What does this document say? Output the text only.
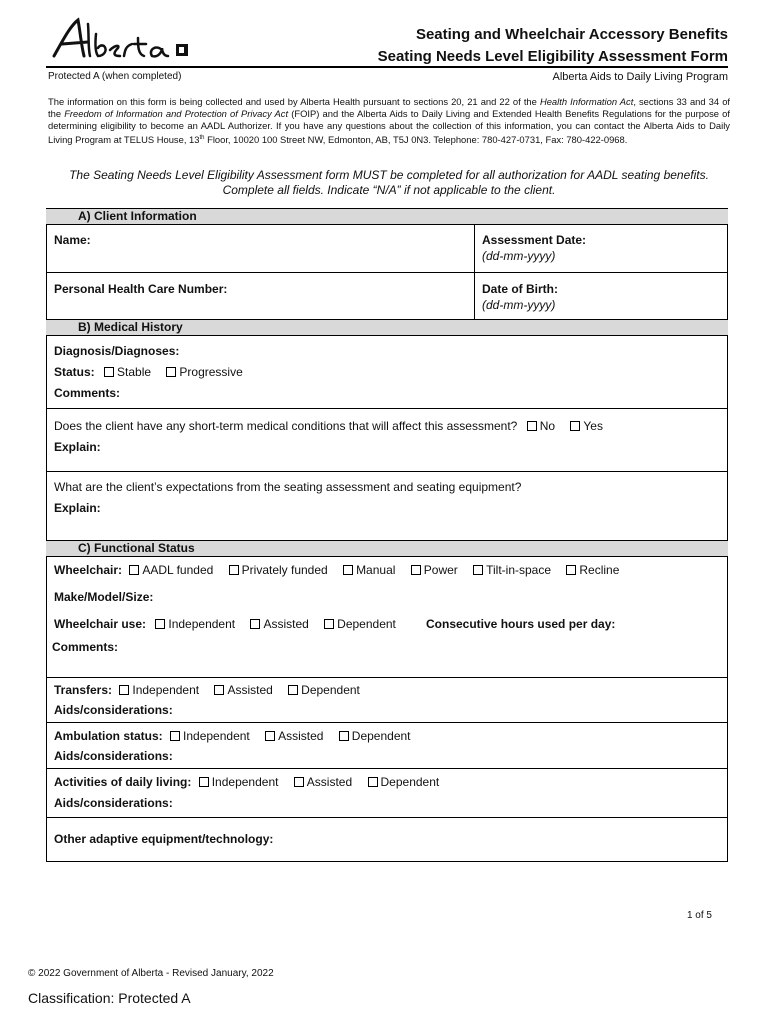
Seating and Wheelchair Accessory Benefits
Seating Needs Level Eligibility Assessment Form
Protected A (when completed)	Alberta Aids to Daily Living Program
The information on this form is being collected and used by Alberta Health pursuant to sections 20, 21 and 22 of the Health Information Act, sections 33 and 34 of the Freedom of Information and Protection of Privacy Act (FOIP) and the Alberta Aids to Daily Living and Extended Health Benefits Regulations for the purpose of determining eligibility to become an AADL Authorizer. If you have any questions about the collection of this information, you can contact the Alberta Aids to Daily Living Program at TELUS House, 13th Floor, 10020 100 Street NW, Edmonton, AB, T5J 0N3. Telephone: 780-427-0731, Fax: 780-422-0968.
The Seating Needs Level Eligibility Assessment form MUST be completed for all authorization for AADL seating benefits.
Complete all fields. Indicate “N/A” if not applicable to the client.
A) Client Information
Name:	Assessment Date:
(dd-mm-yyyy)
Personal Health Care Number:	Date of Birth:
(dd-mm-yyyy)
B) Medical History
Diagnosis/Diagnoses:
Status: Stable Progressive
Comments:
Does the client have any short-term medical conditions that will affect this assessment? No Yes
Explain:
What are the client’s expectations from the seating assessment and seating equipment?
Explain:
C) Functional Status
Wheelchair: AADL funded Privately funded Manual Power Tilt-in-space Recline
Make/Model/Size:
Wheelchair use: Independent Assisted Dependent	Consecutive hours used per day:
Comments:
Transfers: Independent Assisted Dependent
Aids/considerations:
Ambulation status: Independent Assisted Dependent
Aids/considerations:
Activities of daily living: Independent Assisted Dependent
Aids/considerations:
Other adaptive equipment/technology:
1 of 5
© 2022 Government of Alberta - Revised January, 2022
Classification: Protected A
